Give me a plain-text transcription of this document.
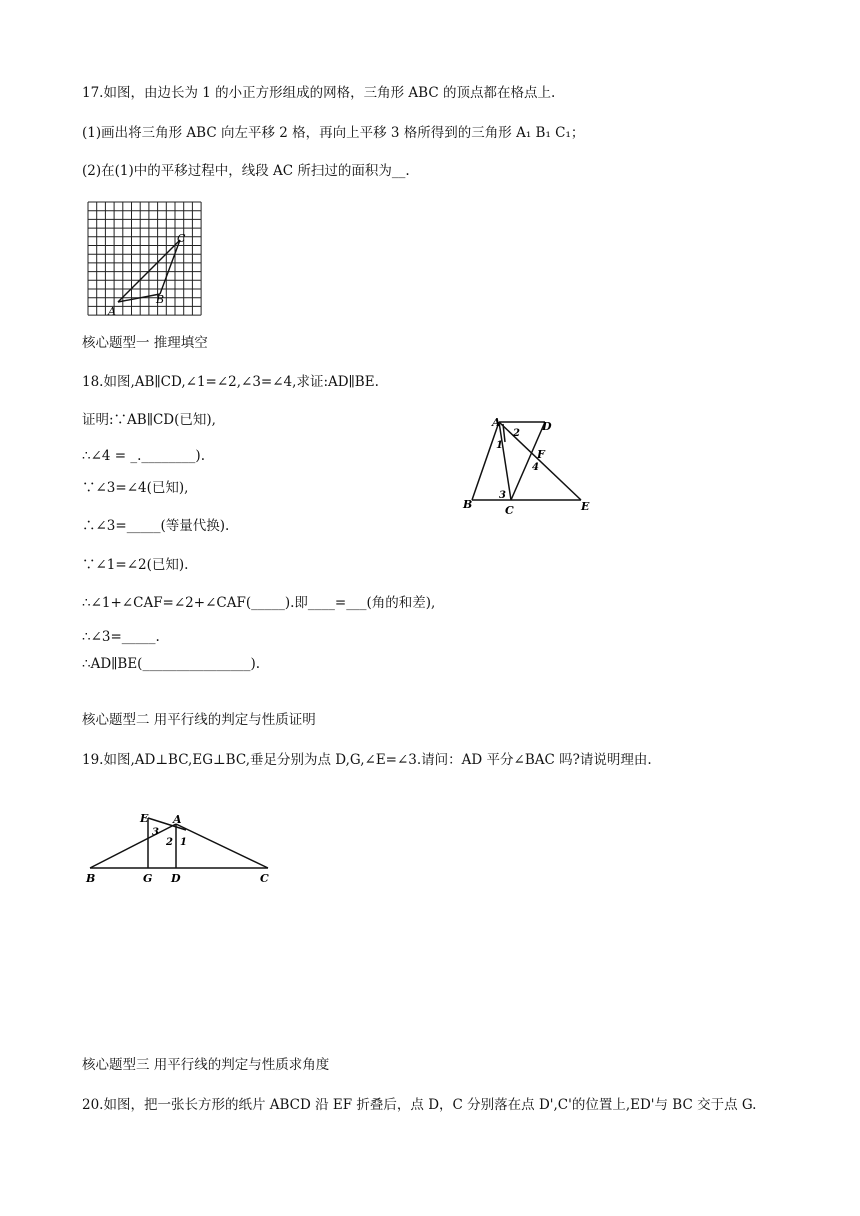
17.如图，由边长为 1 的小正方形组成的网格，三角形 ABC 的顶点都在格点上.
(1)画出将三角形 ABC 向左平移 2 格，再向上平移 3 格所得到的三角形 A₁ B₁ C₁；
(2)在(1)中的平移过程中，线段 AC 所扫过的面积为__.
A
B
C
核心题型一 推理填空
18.如图,AB∥CD,∠1=∠2,∠3=∠4,求证:AD∥BE.
证明:∵AB∥CD(已知),
∴∠4 = _.________).
∵∠3=∠4(已知),
∴∠3=_____(等量代换).
∵∠1=∠2(已知).
∴∠1+∠CAF=∠2+∠CAF(_____).即____=___(角的和差),
∴∠3=_____.
∴AD∥BE(________________).
A	D
F
B	C	E
1
2
3
4
核心题型二 用平行线的判定与性质证明
19.如图,AD⊥BC,EG⊥BC,垂足分别为点 D,G,∠E=∠3.请问：AD 平分∠BAC 吗?请说明理由.
E A
B	G D	C
3
2 1
核心题型三 用平行线的判定与性质求角度
20.如图，把一张长方形的纸片 ABCD 沿 EF 折叠后，点 D，C 分别落在点 D',C'的位置上,ED'与 BC 交于点 G.
